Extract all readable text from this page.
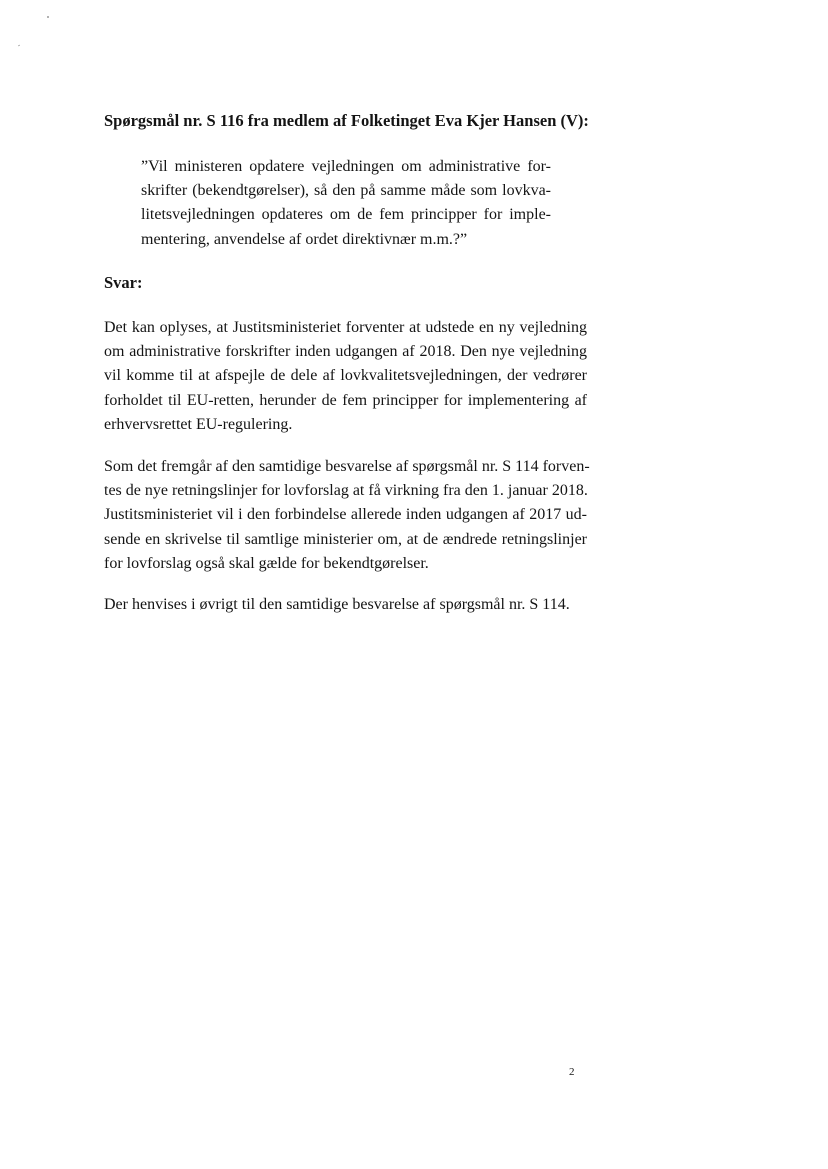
Spørgsmål nr. S 116 fra medlem af Folketinget Eva Kjer Hansen (V):
”Vil ministeren opdatere vejledningen om administrative for-
skrifter (bekendtgørelser), så den på samme måde som lovkva-
litetsvejledningen opdateres om de fem principper for imple-
mentering, anvendelse af ordet direktivnær m.m.?”
Svar:
Det kan oplyses, at Justitsministeriet forventer at udstede en ny vejledning
om administrative forskrifter inden udgangen af 2018. Den nye vejledning
vil komme til at afspejle de dele af lovkvalitetsvejledningen, der vedrører
forholdet til EU-retten, herunder de fem principper for implementering af
erhvervsrettet EU-regulering.
Som det fremgår af den samtidige besvarelse af spørgsmål nr. S 114 forven-
tes de nye retningslinjer for lovforslag at få virkning fra den 1. januar 2018.
Justitsministeriet vil i den forbindelse allerede inden udgangen af 2017 ud-
sende en skrivelse til samtlige ministerier om, at de ændrede retningslinjer
for lovforslag også skal gælde for bekendtgørelser.
Der henvises i øvrigt til den samtidige besvarelse af spørgsmål nr. S 114.
2
